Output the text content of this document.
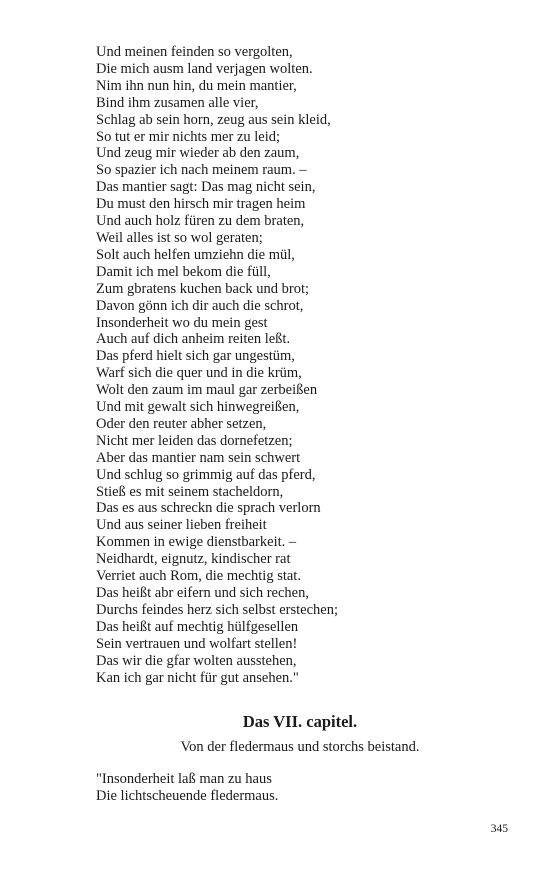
Und meinen feinden so vergolten,
Die mich ausm land verjagen wolten.
Nim ihn nun hin, du mein mantier,
Bind ihm zusamen alle vier,
Schlag ab sein horn, zeug aus sein kleid,
So tut er mir nichts mer zu leid;
Und zeug mir wieder ab den zaum,
So spazier ich nach meinem raum. –
Das mantier sagt: Das mag nicht sein,
Du must den hirsch mir tragen heim
Und auch holz füren zu dem braten,
Weil alles ist so wol geraten;
Solt auch helfen umziehn die mül,
Damit ich mel bekom die füll,
Zum gbratens kuchen back und brot;
Davon gönn ich dir auch die schrot,
Insonderheit wo du mein gest
Auch auf dich anheim reiten leßt.
Das pferd hielt sich gar ungestüm,
Warf sich die quer und in die krüm,
Wolt den zaum im maul gar zerbeißen
Und mit gewalt sich hinwegreißen,
Oder den reuter abher setzen,
Nicht mer leiden das dornefetzen;
Aber das mantier nam sein schwert
Und schlug so grimmig auf das pferd,
Stieß es mit seinem stacheldorn,
Das es aus schreckn die sprach verlorn
Und aus seiner lieben freiheit
Kommen in ewige dienstbarkeit. –
Neidhardt, eignutz, kindischer rat
Verriet auch Rom, die mechtig stat.
Das heißt abr eifern und sich rechen,
Durchs feindes herz sich selbst erstechen;
Das heißt auf mechtig hülfgesellen
Sein vertrauen und wolfart stellen!
Das wir die gfar wolten ausstehen,
Kan ich gar nicht für gut ansehen."
Das VII. capitel.
Von der fledermaus und storchs beistand.
"Insonderheit laß man zu haus
Die lichtscheuende fledermaus.
345
